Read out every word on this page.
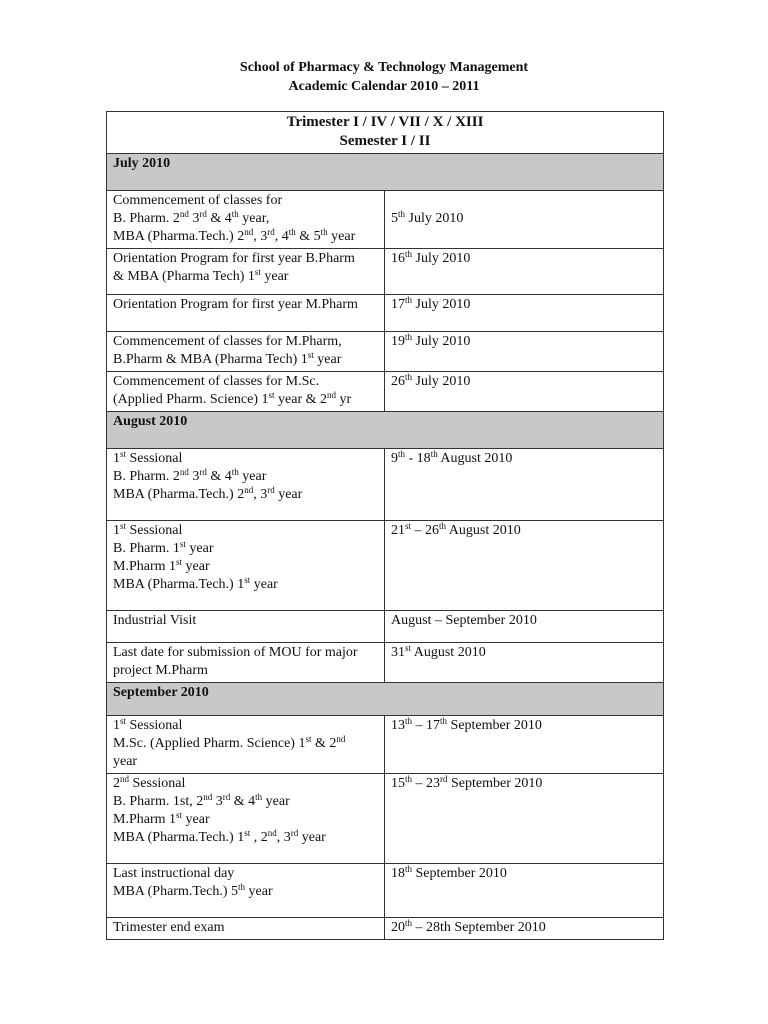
School of Pharmacy & Technology Management
Academic Calendar 2010 – 2011
Trimester I / IV / VII / X / XIII
Semester I / II	

July 2010	

Commencement of classes for
B. Pharm. 2nd 3rd & 4th year,
MBA (Pharma.Tech.) 2nd, 3rd, 4th & 5th year	5th July 2010

Orientation Program for first year B.Pharm
& MBA (Pharma Tech) 1st year	16th July 2010

Orientation Program for first year M.Pharm	17th July 2010

Commencement of classes for M.Pharm,
B.Pharm & MBA (Pharma Tech) 1st year	19th July 2010

Commencement of classes for M.Sc.
(Applied Pharm. Science) 1st year & 2nd yr	26th July 2010
August 2010	

1st Sessional
B. Pharm. 2nd 3rd & 4th year
MBA (Pharma.Tech.) 2nd, 3rd year	9th - 18th August 2010

1st Sessional
B. Pharm. 1st year
M.Pharm 1st year
MBA (Pharma.Tech.) 1st year	21st – 26th August 2010

Industrial Visit	August – September 2010

Last date for submission of MOU for major
project M.Pharm	31st August 2010
September 2010	

1st Sessional
M.Sc. (Applied Pharm. Science) 1st & 2nd
year	13th – 17th September 2010

2nd Sessional
B. Pharm. 1st, 2nd 3rd & 4th year
M.Pharm 1st year
MBA (Pharma.Tech.) 1st , 2nd, 3rd year	15th – 23rd September 2010

Last instructional day
MBA (Pharm.Tech.) 5th year	18th September 2010

Trimester end exam	20th – 28th September 2010
